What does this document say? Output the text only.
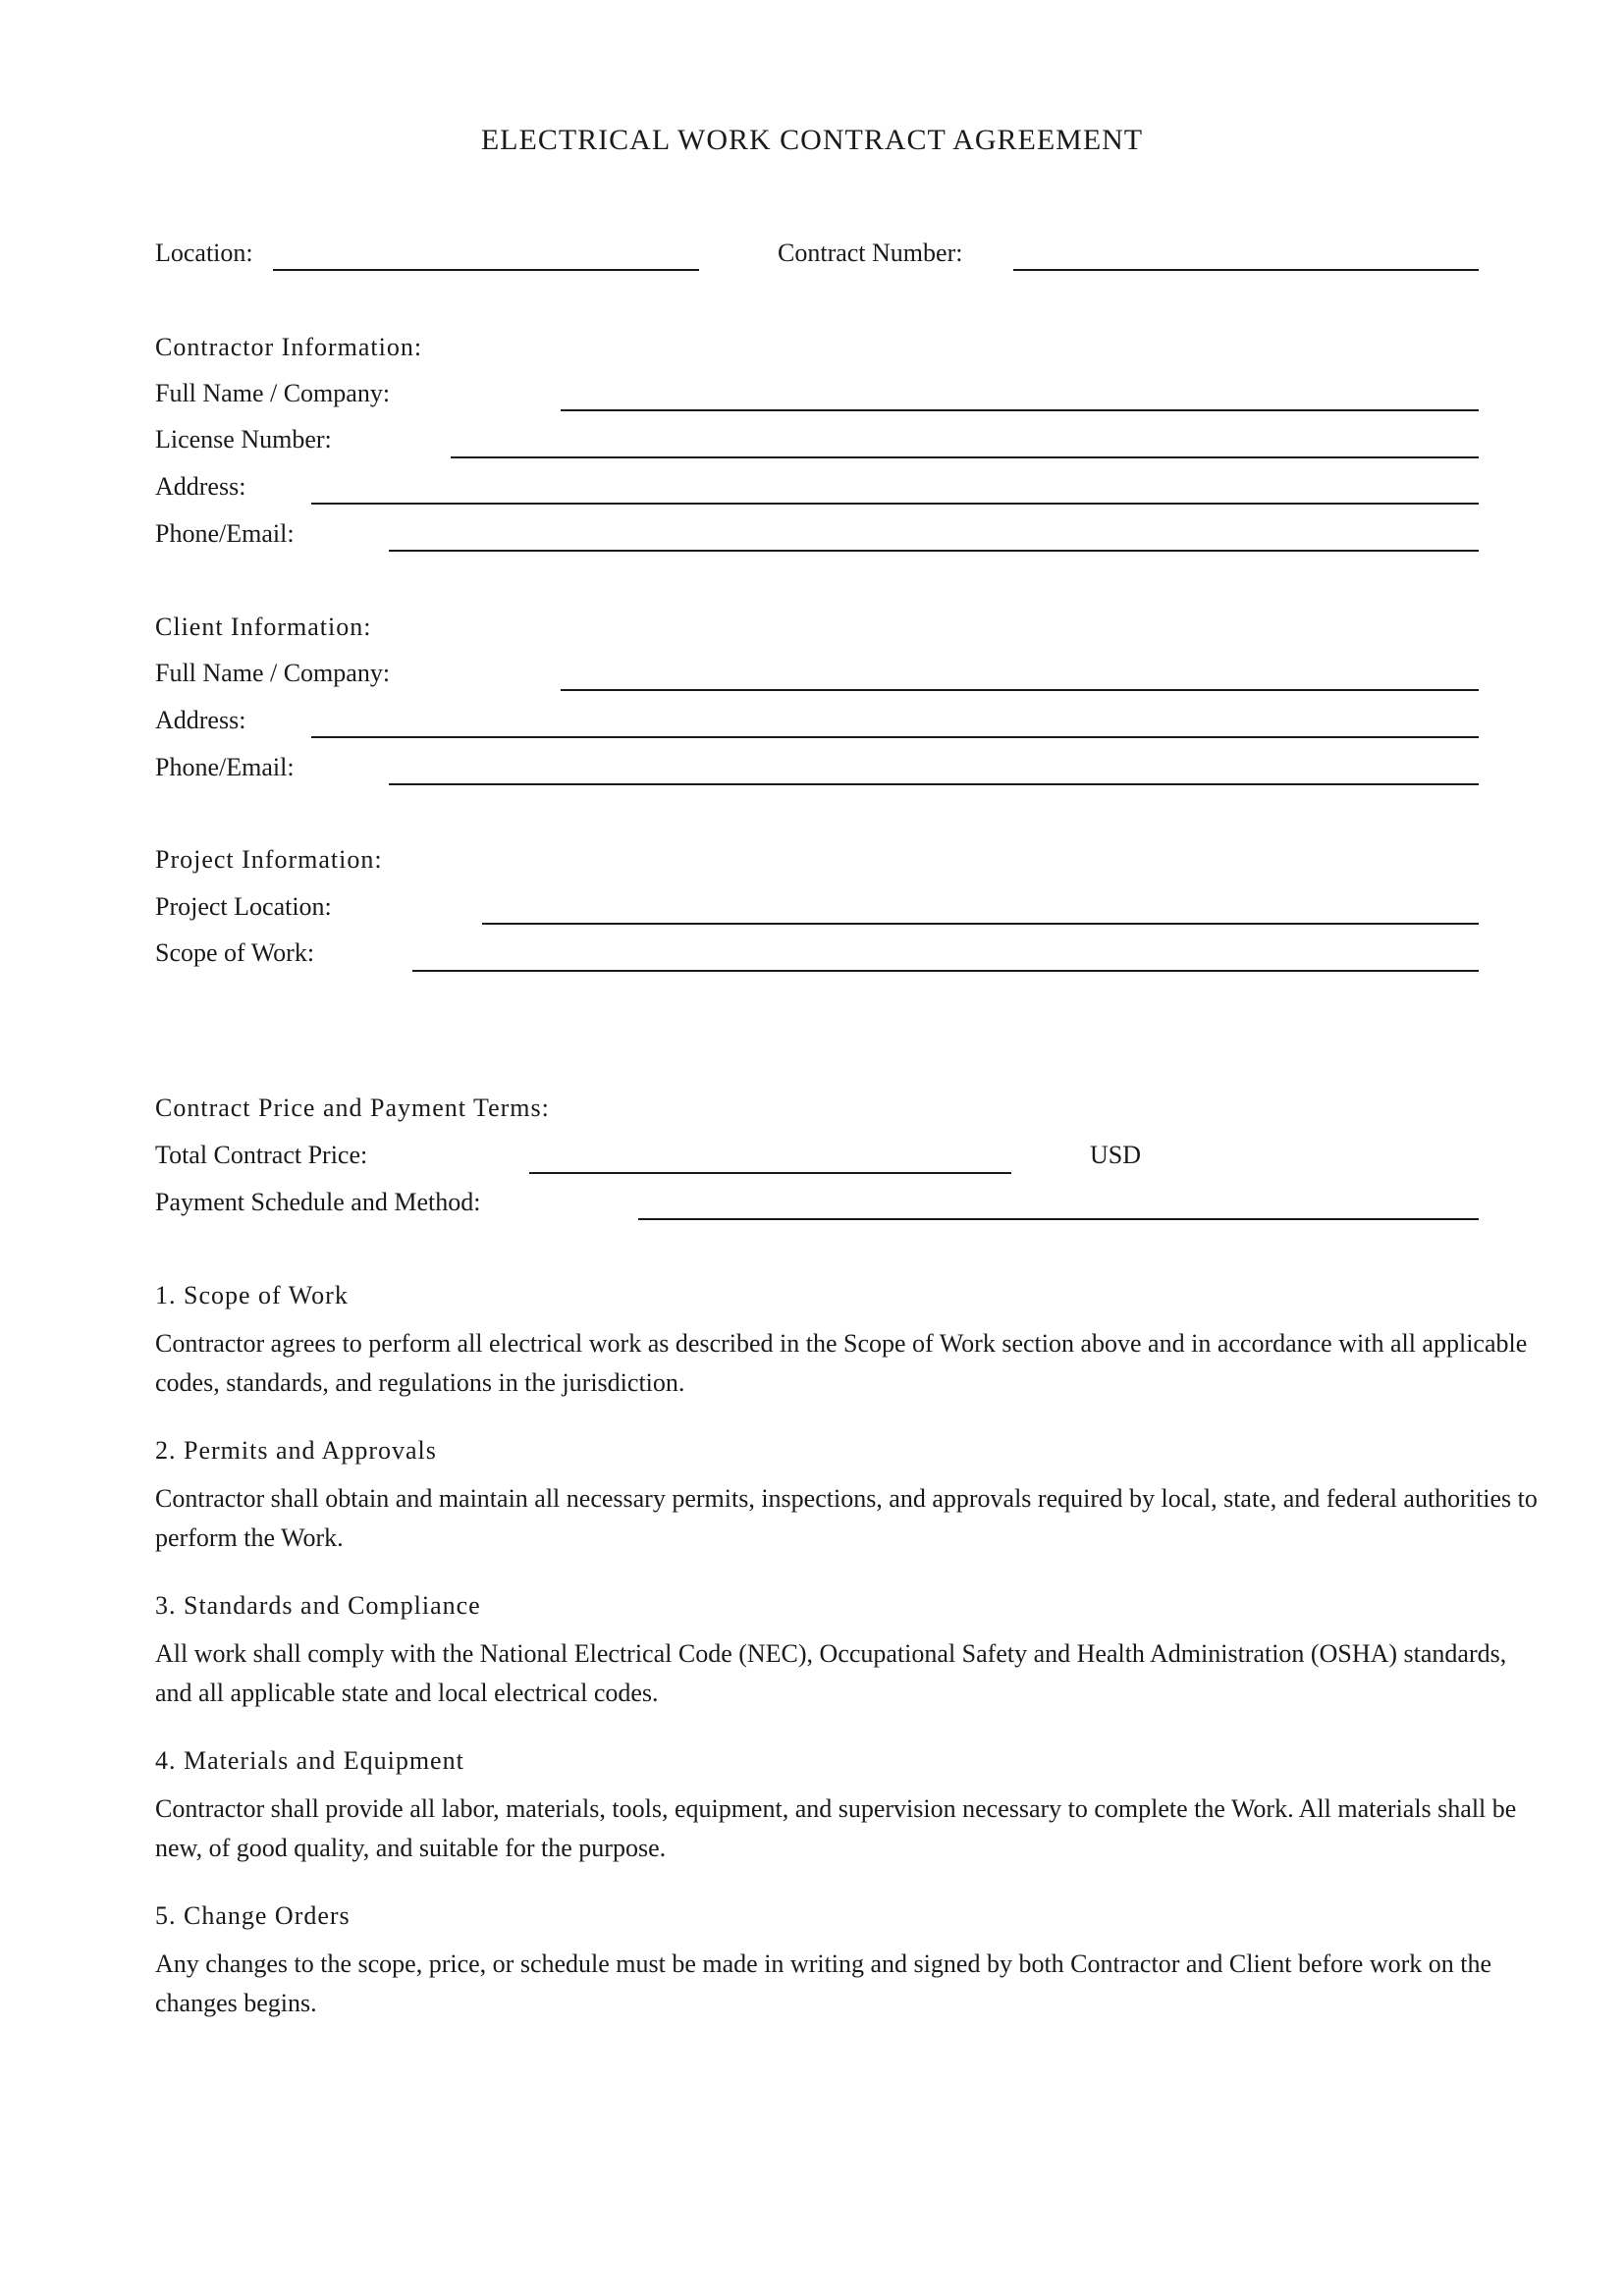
ELECTRICAL WORK CONTRACT AGREEMENT
Location:	Contract Number:
Contractor Information:
Full Name / Company:
License Number:
Address:
Phone/Email:
Client Information:
Full Name / Company:
Address:
Phone/Email:
Project Information:
Project Location:
Scope of Work:
Contract Price and Payment Terms:
Total Contract Price:	USD
Payment Schedule and Method:
1. Scope of Work
Contractor agrees to perform all electrical work as described in the Scope of Work section above and in accordance with all applicable codes, standards, and regulations in the jurisdiction.
2. Permits and Approvals
Contractor shall obtain and maintain all necessary permits, inspections, and approvals required by local, state, and federal authorities to perform the Work.
3. Standards and Compliance
All work shall comply with the National Electrical Code (NEC), Occupational Safety and Health Administration (OSHA) standards, and all applicable state and local electrical codes.
4. Materials and Equipment
Contractor shall provide all labor, materials, tools, equipment, and supervision necessary to complete the Work. All materials shall be new, of good quality, and suitable for the purpose.
5. Change Orders
Any changes to the scope, price, or schedule must be made in writing and signed by both Contractor and Client before work on the changes begins.
